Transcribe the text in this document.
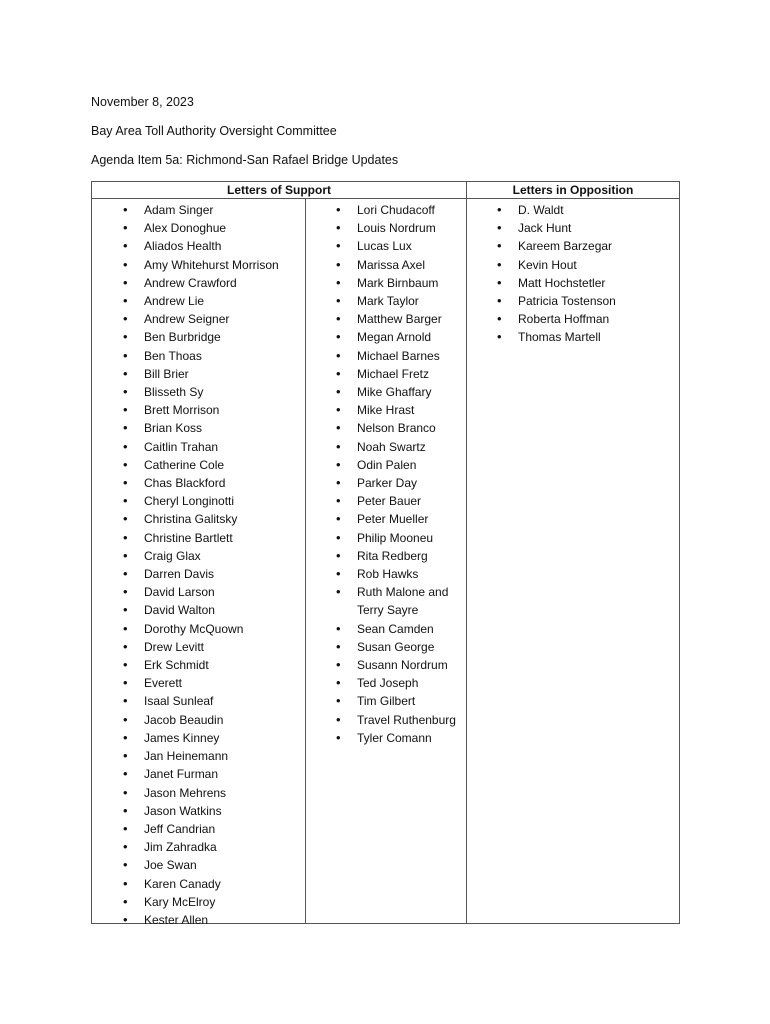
November 8, 2023
Bay Area Toll Authority Oversight Committee
Agenda Item 5a: Richmond-San Rafael Bridge Updates
Letters of Support	Letters in Opposition
• Adam Singer
• Alex Donoghue
• Aliados Health
• Amy Whitehurst Morrison
• Andrew Crawford
• Andrew Lie
• Andrew Seigner
• Ben Burbridge
• Ben Thoas
• Bill Brier
• Blisseth Sy
• Brett Morrison
• Brian Koss
• Caitlin Trahan
• Catherine Cole
• Chas Blackford
• Cheryl Longinotti
• Christina Galitsky
• Christine Bartlett
• Craig Glax
• Darren Davis
• David Larson
• David Walton
• Dorothy McQuown
• Drew Levitt
• Erk Schmidt
• Everett
• Isaal Sunleaf
• Jacob Beaudin
• James Kinney
• Jan Heinemann
• Janet Furman
• Jason Mehrens
• Jason Watkins
• Jeff Candrian
• Jim Zahradka
• Joe Swan
• Karen Canady
• Kary McElroy
• Kester Allen
• Lori Chudacoff
• Louis Nordrum
• Lucas Lux
• Marissa Axel
• Mark Birnbaum
• Mark Taylor
• Matthew Barger
• Megan Arnold
• Michael Barnes
• Michael Fretz
• Mike Ghaffary
• Mike Hrast
• Nelson Branco
• Noah Swartz
• Odin Palen
• Parker Day
• Peter Bauer
• Peter Mueller
• Philip Mooneu
• Rita Redberg
• Rob Hawks
• Ruth Malone and Terry Sayre
• Sean Camden
• Susan George
• Susann Nordrum
• Ted Joseph
• Tim Gilbert
• Travel Ruthenburg
• Tyler Comann
• D. Waldt
• Jack Hunt
• Kareem Barzegar
• Kevin Hout
• Matt Hochstetler
• Patricia Tostenson
• Roberta Hoffman
• Thomas Martell
